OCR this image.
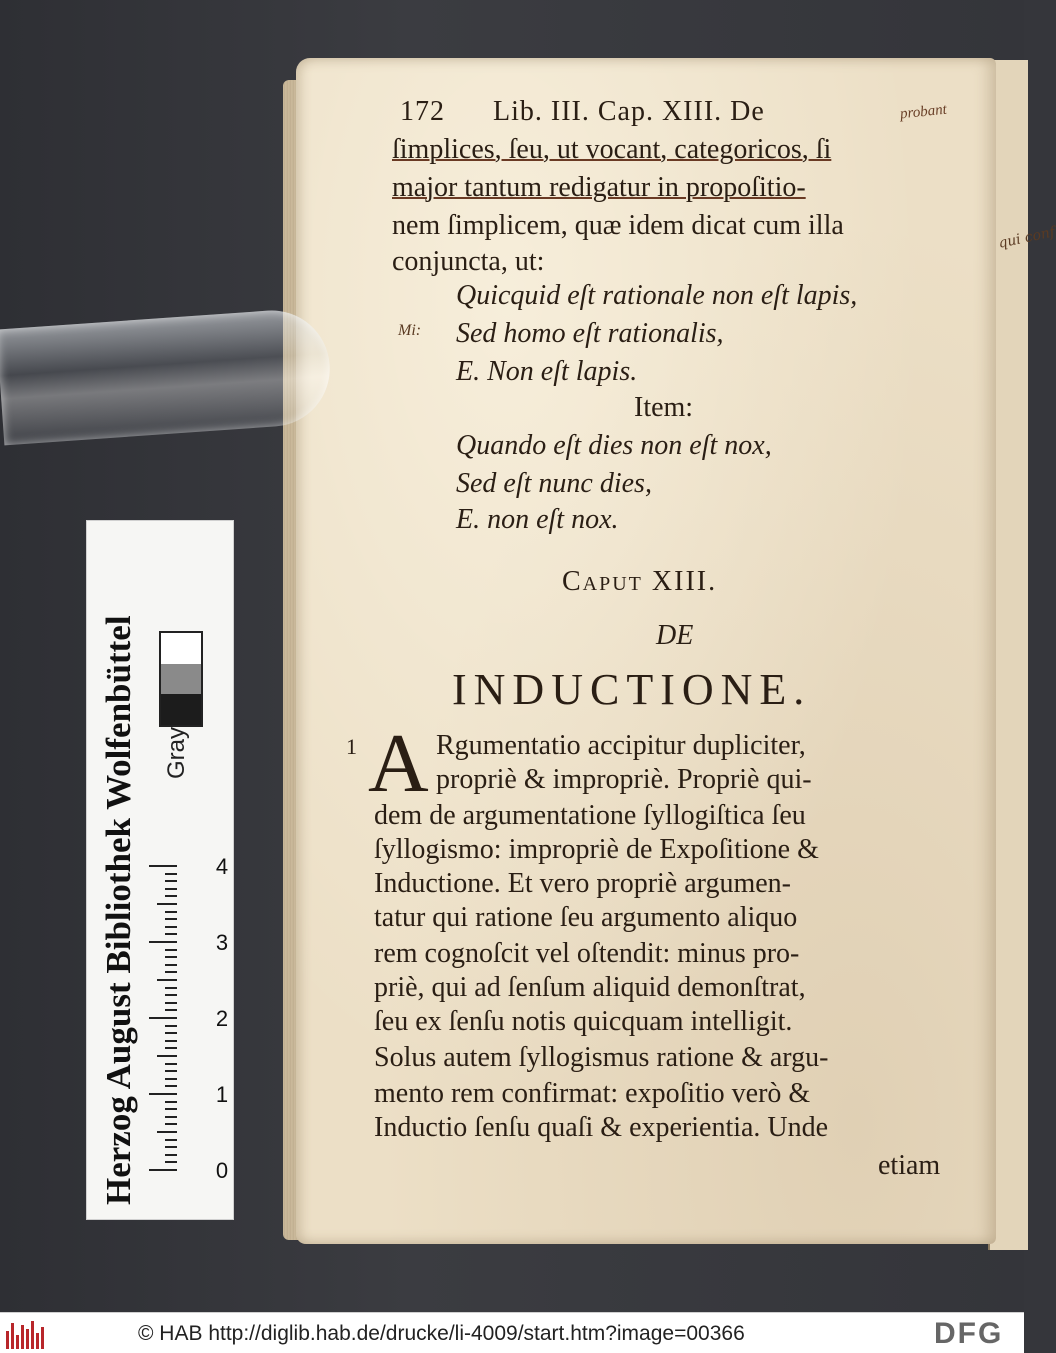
qui conf
172 Lib. III. Cap. XIII. De	probant
ſimplices, ſeu, ut vocant, categoricos, ſi
major tantum redigatur in propoſitio-
nem ſimplicem, quæ idem dicat cum illa
conjuncta, ut:
Mi:
Quicquid eſt rationale non eſt lapis,
Sed homo eſt rationalis,
E. Non eſt lapis.
Item:
Quando eſt dies non eſt nox,
Sed eſt nunc dies,
E. non eſt nox.
Caput XIII.
DE
INDUCTIONE.
1 A Rgumentatio accipitur dupliciter,
propriè & impropriè. Propriè qui-
dem de argumentatione ſyllogiſtica ſeu
ſyllogismo: impropriè de Expoſitione &
Inductione. Et vero propriè argumen-
tatur qui ratione ſeu argumento aliquo
rem cognoſcit vel oſtendit: minus pro-
priè, qui ad ſenſum aliquid demonſtrat,
ſeu ex ſenſu notis quicquam intelligit.
Solus autem ſyllogismus ratione & argu-
mento rem confirmat: expoſitio verò &
Inductio ſenſu quaſi & experientia. Unde
etiam
Herzog August Bibliothek Wolfenbüttel	0
1
2
3
4
© HAB http://diglib.hab.de/drucke/li-4009/start.htm?image=00366	DFG
